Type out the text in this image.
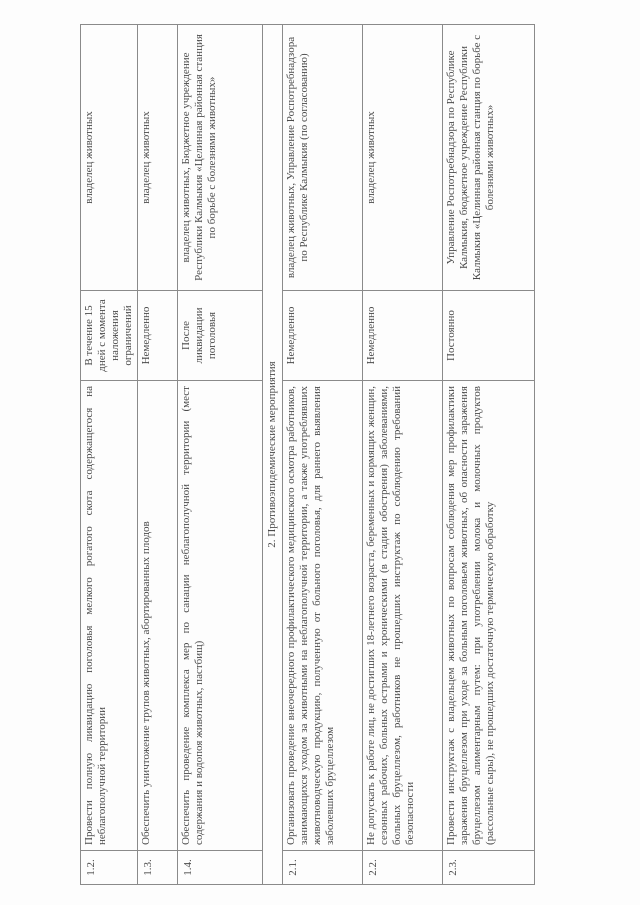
1.2.	Провести полную ликвидацию поголовья мелкого рогатого скота содержащегося на неблагополучной территории	В течение 15 дней с момента наложения ограничений	владелец животных
1.3.	Обеспечить уничтожение трупов животных, абортированных плодов	Немедленно	владелец животных
1.4.	Обеспечить проведение комплекса мер по санации неблагополучной территории (мест содержания и водопоя животных, пастбищ)	После ликвидации поголовья	владелец животных, Бюджетное учреждение Республики Калмыкия «Целинная районная станция по борьбе с болезнями животных»
2. Противоэпидемические мероприятия			
2.1.	Организовать проведение внеочередного профилактического медицинского осмотра работников, занимающихся уходом за животными на неблагополучной территории, а также употреблявших животноводческую продукцию, полученную от больного поголовья, для раннего выявления заболевших бруцеллезом	Немедленно	владелец животных, Управление Роспотребнадзора по Республике Калмыкия (по согласованию)
2.2.	Не допускать к работе лиц, не достигших 18-летнего возраста, беременных и кормящих женщин, сезонных рабочих, больных острыми и хроническими (в стадии обострения) заболеваниями, больных бруцеллезом, работников не прошедших инструктаж по соблюдению требований безопасности	Немедленно	владелец животных
2.3.	Провести инструктаж с владельцем животных по вопросам соблюдения мер профилактики заражения бруцеллезом при уходе за больным поголовьем животных, об опасности заражения бруцеллезом алиментарным путем: при употреблении молока и молочных продуктов (рассольные сыры), не прошедших достаточную термическую обработку	Постоянно	Управление Роспотребнадзора по Республике Калмыкия, бюджетное учреждение Республики Калмыкия «Целинная районная станция по борьбе с болезнями животных»
